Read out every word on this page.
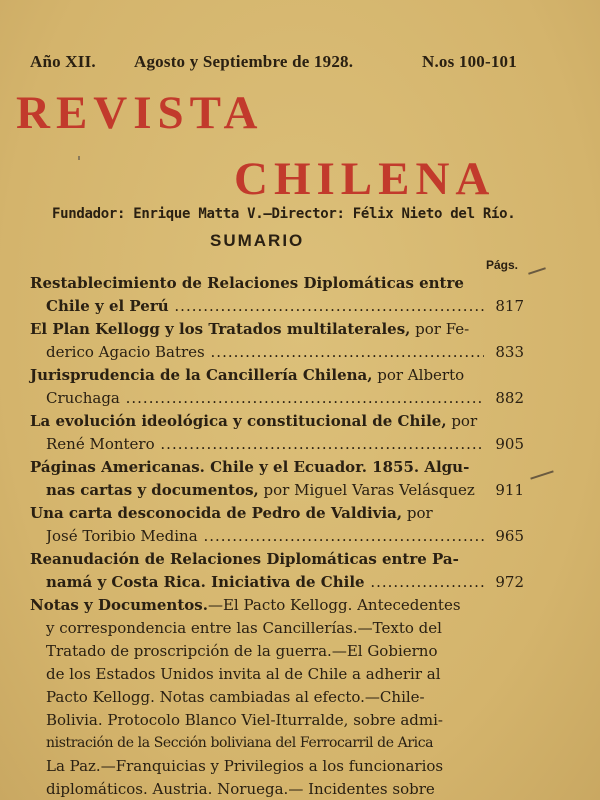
Año XII. Agosto y Septiembre de 1928.	N.os 100-101
REVISTA
CHILENA
Fundador: Enrique Matta V.—Director: Félix Nieto del Río.
SUMARIO
Págs.
Restablecimiento de Relaciones Diplomáticas entre
Chile y el Perú .....	817
El Plan Kellogg y los Tratados multilaterales, por Fe-
derico Agacio Batres .....	833
Jurisprudencia de la Cancillería Chilena, por Alberto
Cruchaga .....	882
La evolución ideológica y constitucional de Chile, por
René Montero .....	905
Páginas Americanas. Chile y el Ecuador. 1855. Algu-
nas cartas y documentos, por Miguel Varas Velásquez 911
Una carta desconocida de Pedro de Valdivia, por
José Toribio Medina .....	965
Reanudación de Relaciones Diplomáticas entre Pa-
namá y Costa Rica. Iniciativa de Chile .....	972
Notas y Documentos.—El Pacto Kellogg. Antecedentes
y correspondencia entre las Cancillerías.—Texto del
Tratado de proscripción de la guerra.—El Gobierno
de los Estados Unidos invita al de Chile a adherir al
Pacto Kellogg. Notas cambiadas al efecto.—Chile-
Bolivia. Protocolo Blanco Viel-Iturralde, sobre admi-
nistración de la Sección boliviana del Ferrocarril de Arica
La Paz.—Franquicias y Privilegios a los funcionarios
diplomáticos. Austria. Noruega.— Incidentes sobre
